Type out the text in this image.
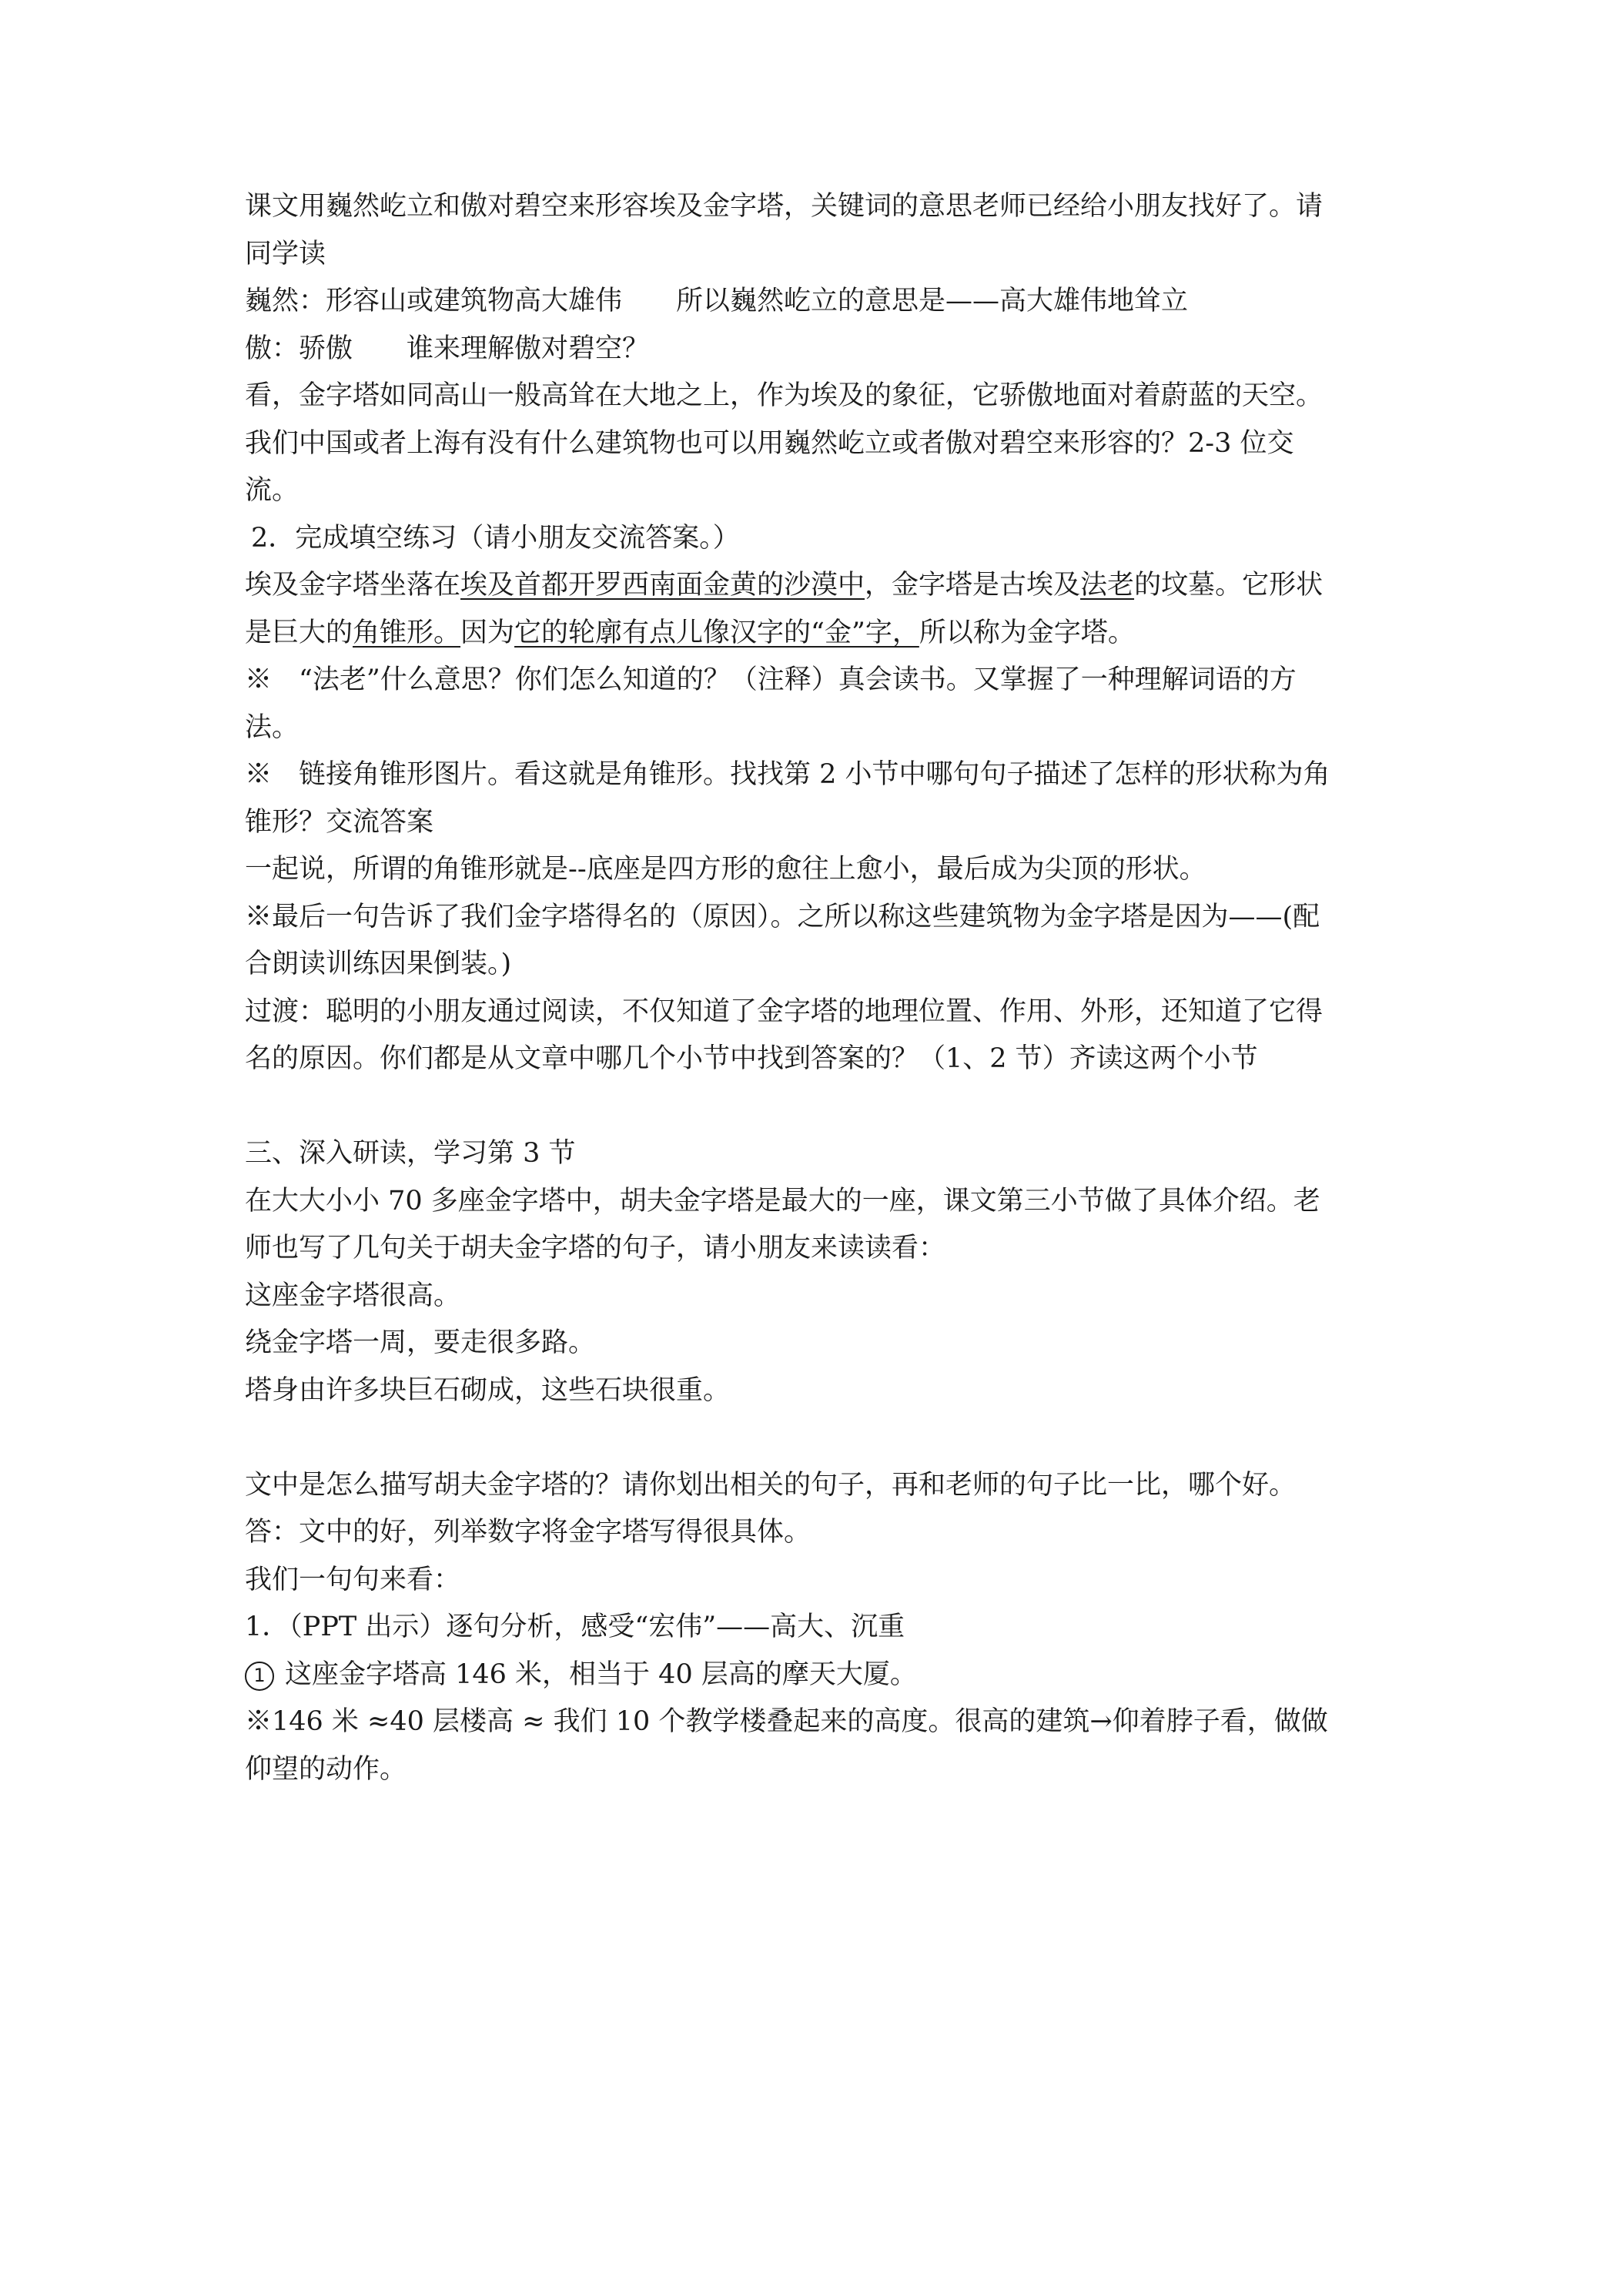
课文用巍然屹立和傲对碧空来形容埃及金字塔，关键词的意思老师已经给小朋友找好了。请

同学读

巍然：形容山或建筑物高大雄伟 所以巍然屹立的意思是——高大雄伟地耸立

傲：骄傲 谁来理解傲对碧空？

看，金字塔如同高山一般高耸在大地之上，作为埃及的象征，它骄傲地面对着蔚蓝的天空。

我们中国或者上海有没有什么建筑物也可以用巍然屹立或者傲对碧空来形容的？2-3 位交

流。

2．完成填空练习（请小朋友交流答案。）

埃及金字塔坐落在埃及首都开罗西南面金黄的沙漠中，金字塔是古埃及法老的坟墓。它形状

是巨大的角锥形。因为它的轮廓有点儿像汉字的“金”字，所以称为金字塔。

※　“法老”什么意思？你们怎么知道的？（注释）真会读书。又掌握了一种理解词语的方

法。

※　链接角锥形图片。看这就是角锥形。找找第 2 小节中哪句句子描述了怎样的形状称为角

锥形？交流答案

一起说，所谓的角锥形就是--底座是四方形的愈往上愈小，最后成为尖顶的形状。

※最后一句告诉了我们金字塔得名的（原因）。之所以称这些建筑物为金字塔是因为——(配

合朗读训练因果倒装。)

过渡：聪明的小朋友通过阅读，不仅知道了金字塔的地理位置、作用、外形，还知道了它得

名的原因。你们都是从文章中哪几个小节中找到答案的？（1、2 节）齐读这两个小节

三、深入研读，学习第 3 节

在大大小小 70 多座金字塔中，胡夫金字塔是最大的一座，课文第三小节做了具体介绍。老

师也写了几句关于胡夫金字塔的句子，请小朋友来读读看：

这座金字塔很高。

绕金字塔一周，要走很多路。

塔身由许多块巨石砌成，这些石块很重。

文中是怎么描写胡夫金字塔的？请你划出相关的句子，再和老师的句子比一比，哪个好。

答：文中的好，列举数字将金字塔写得很具体。

我们一句句来看：

1．（PPT 出示）逐句分析，感受“宏伟”——高大、沉重

1 这座金字塔高 146 米，相当于 40 层高的摩天大厦。

※146 米 ≈40 层楼高 ≈ 我们 10 个教学楼叠起来的高度。很高的建筑→仰着脖子看，做做

仰望的动作。
